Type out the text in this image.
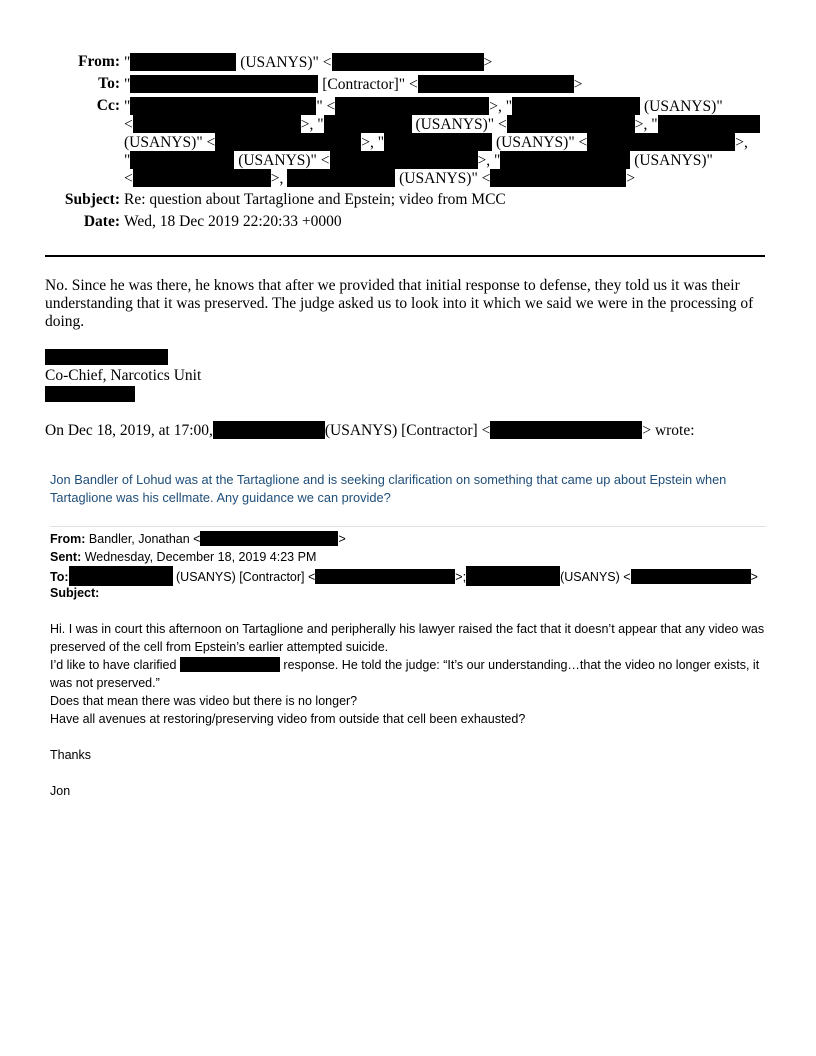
From: "	(USANYS)" <	>
To: "	[Contractor]" <	>
Cc: "	" <	>, "	(USANYS)"
<	>, "	(USANYS)" <	>, "
(USANYS)" <	>, "	(USANYS)" <	>,
"	(USANYS)" <	>, "	(USANYS)"
<	>,	(USANYS)" <	>
Subject: Re: question about Tartaglione and Epstein; video from MCC
Date: Wed, 18 Dec 2019 22:20:33 +0000
No. Since he was there, he knows that after we provided that initial response to defense, they told us it was their understanding that it was preserved. The judge asked us to look into it which we said we were in the processing of doing.
Co-Chief, Narcotics Unit
On Dec 18, 2019, at 17:00,	(USANYS) [Contractor] <	> wrote:
Jon Bandler of Lohud was at the Tartaglione and is seeking clarification on something that came up about Epstein when Tartaglione was his cellmate. Any guidance we can provide?
From: Bandler, Jonathan <	>
Sent: Wednesday, December 18, 2019 4:23 PM
To:	(USANYS) [Contractor] <	>;	(USANYS) <	>
Subject:

Hi. I was in court this afternoon on Tartaglione and peripherally his lawyer raised the fact that it doesn’t appear that any video was preserved of the cell from Epstein’s earlier attempted suicide.

I’d like to have clarified	response. He told the judge: “It’s our understanding…that the video no longer exists, it was not preserved.”

Does that mean there was video but there is no longer?

Have all avenues at restoring/preserving video from outside that cell been exhausted?

Thanks

Jon
